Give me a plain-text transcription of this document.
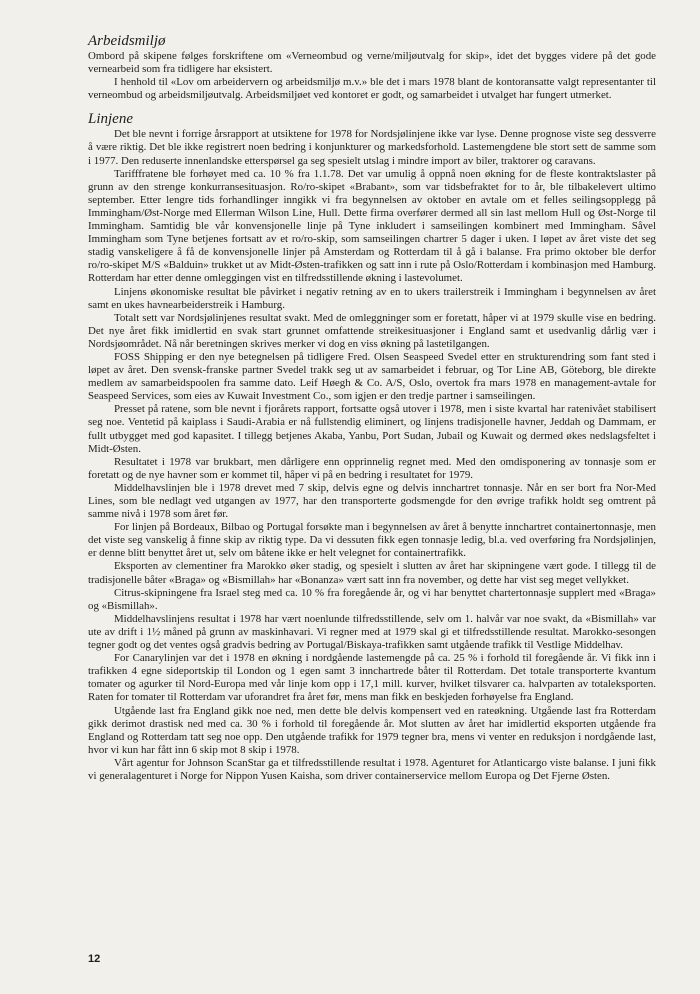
Arbeidsmiljø

Ombord på skipene følges forskriftene om «Verneombud og verne/miljøutvalg for skip», idet det bygges videre på det gode vernearbeid som fra tidligere har eksistert.

I henhold til «Lov om arbeidervern og arbeidsmiljø m.v.» ble det i mars 1978 blant de kontoransatte valgt representanter til verneombud og arbeidsmiljøutvalg. Arbeidsmiljøet ved kontoret er godt, og samarbeidet i utvalget har fungert utmerket.

Linjene

Det ble nevnt i forrige årsrapport at utsiktene for 1978 for Nordsjølinjene ikke var lyse. Denne prognose viste seg dessverre å være riktig. Det ble ikke registrert noen bedring i konjunkturer og markedsforhold. Lastemengdene ble stort sett de samme som i 1977. Den reduserte innenlandske etterspørsel ga seg spesielt utslag i mindre import av biler, traktorer og caravans.

Tarifffratene ble forhøyet med ca. 10 % fra 1.1.78. Det var umulig å oppnå noen økning for de fleste kontraktslaster på grunn av den strenge konkurransesituasjon. Ro/ro-skipet «Brabant», som var tidsbefraktet for to år, ble tilbakelevert ultimo september. Etter lengre tids forhandlinger inngikk vi fra begynnelsen av oktober en avtale om et felles seilingsopplegg på Immingham/Øst-Norge med Ellerman Wilson Line, Hull. Dette firma overfører dermed all sin last mellom Hull og Øst-Norge til Immingham. Samtidig ble vår konvensjonelle linje på Tyne inkludert i samseilingen kombinert med Immingham. Såvel Immingham som Tyne betjenes fortsatt av et ro/ro-skip, som samseilingen chartrer 5 dager i uken. I løpet av året viste det seg stadig vanskeligere å få de konvensjonelle linjer på Amsterdam og Rotterdam til å gå i balanse. Fra primo oktober ble derfor ro/ro-skipet M/S «Balduin» trukket ut av Midt-Østen-trafikken og satt inn i rute på Oslo/Rotterdam i kombinasjon med Hamburg. Rotterdam har etter denne omleggingen vist en tilfredsstillende økning i lastevolumet.

Linjens økonomiske resultat ble påvirket i negativ retning av en to ukers trailerstreik i Immingham i begynnelsen av året samt en ukes havnearbeiderstreik i Hamburg.

Totalt sett var Nordsjølinjenes resultat svakt. Med de omleggninger som er foretatt, håper vi at 1979 skulle vise en bedring. Det nye året fikk imidlertid en svak start grunnet omfattende streikesituasjoner i England samt et usedvanlig dårlig vær i Nordsjøområdet. Nå når beretningen skrives merker vi dog en viss økning på lastetilgangen.

FOSS Shipping er den nye betegnelsen på tidligere Fred. Olsen Seaspeed Svedel etter en strukturendring som fant sted i løpet av året. Den svensk-franske partner Svedel trakk seg ut av samarbeidet i februar, og Tor Line AB, Göteborg, ble direkte medlem av samarbeidspoolen fra samme dato. Leif Høegh & Co. A/S, Oslo, overtok fra mars 1978 en management-avtale for Seaspeed Services, som eies av Kuwait Investment Co., som igjen er den tredje partner i samseilingen.

Presset på ratene, som ble nevnt i fjorårets rapport, fortsatte også utover i 1978, men i siste kvartal har ratenivået stabilisert seg noe. Ventetid på kaiplass i Saudi-Arabia er nå fullstendig eliminert, og linjens tradisjonelle havner, Jeddah og Dammam, er fullt utbygget med god kapasitet. I tillegg betjenes Akaba, Yanbu, Port Sudan, Jubail og Kuwait og dermed økes nedslagsfeltet i Midt-Østen.

Resultatet i 1978 var brukbart, men dårligere enn opprinnelig regnet med. Med den omdisponering av tonnasje som er foretatt og de nye havner som er kommet til, håper vi på en bedring i resultatet for 1979.

Middelhavslinjen ble i 1978 drevet med 7 skip, delvis egne og delvis innchartret tonnasje. Når en ser bort fra Nor-Med Lines, som ble nedlagt ved utgangen av 1977, har den transporterte godsmengde for den øvrige trafikk holdt seg omtrent på samme nivå i 1978 som året før.

For linjen på Bordeaux, Bilbao og Portugal forsøkte man i begynnelsen av året å benytte innchartret containertonnasje, men det viste seg vanskelig å finne skip av riktig type. Da vi dessuten fikk egen tonnasje ledig, bl.a. ved overføring fra Nordsjølinjen, er denne blitt benyttet året ut, selv om båtene ikke er helt velegnet for containertrafikk.

Eksporten av clementiner fra Marokko øker stadig, og spesielt i slutten av året har skipningene vært gode. I tillegg til de tradisjonelle båter «Braga» og «Bismillah» har «Bonanza» vært satt inn fra november, og dette har vist seg meget vellykket.

Citrus-skipningene fra Israel steg med ca. 10 % fra foregående år, og vi har benyttet chartertonnasje supplert med «Braga» og «Bismillah».

Middelhavslinjens resultat i 1978 har vært noenlunde tilfredsstillende, selv om 1. halvår var noe svakt, da «Bismillah» var ute av drift i 1½ måned på grunn av maskinhavari. Vi regner med at 1979 skal gi et tilfredsstillende resultat. Marokko-sesongen tegner godt og det ventes også gradvis bedring av Portugal/Biskaya-trafikken samt utgående trafikk til Vestlige Middelhav.

For Canarylinjen var det i 1978 en økning i nordgående lastemengde på ca. 25 % i forhold til foregående år. Vi fikk inn i trafikken 4 egne sideportskip til London og 1 egen samt 3 innchartrede båter til Rotterdam. Det totale transporterte kvantum tomater og agurker til Nord-Europa med vår linje kom opp i 17,1 mill. kurver, hvilket tilsvarer ca. halvparten av totaleksporten. Raten for tomater til Rotterdam var uforandret fra året før, mens man fikk en beskjeden forhøyelse fra England.

Utgående last fra England gikk noe ned, men dette ble delvis kompensert ved en rateøkning. Utgående last fra Rotterdam gikk derimot drastisk ned med ca. 30 % i forhold til foregående år. Mot slutten av året har imidlertid eksporten utgående fra England og Rotterdam tatt seg noe opp. Den utgående trafikk for 1979 tegner bra, mens vi venter en reduksjon i nordgående last, hvor vi kun har fått inn 6 skip mot 8 skip i 1978.

Vårt agentur for Johnson ScanStar ga et tilfredsstillende resultat i 1978. Agenturet for Atlanticargo viste balanse. I juni fikk vi generalagenturet i Norge for Nippon Yusen Kaisha, som driver containerservice mellom Europa og Det Fjerne Østen.

12
